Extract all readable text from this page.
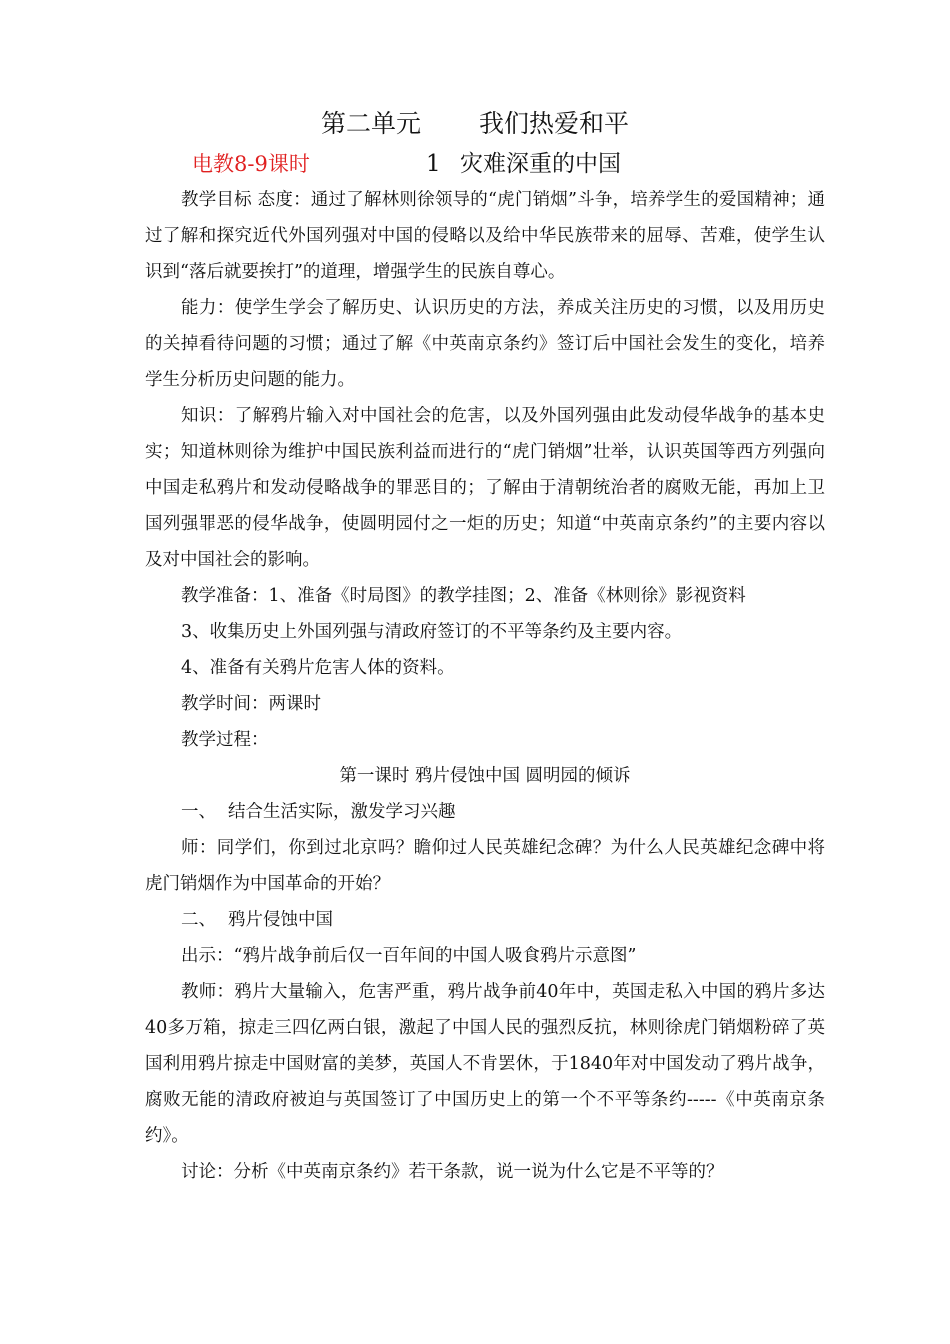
第二单元 我们热爱和平
电教8-9课时	1 灾难深重的中国

教学目标 态度：通过了解林则徐领导的“虎门销烟”斗争，培养学生的爱国精神；通过了解和探究近代外国列强对中国的侵略以及给中华民族带来的屈辱、苦难，使学生认识到“落后就要挨打”的道理，增强学生的民族自尊心。

能力：使学生学会了解历史、认识历史的方法，养成关注历史的习惯，以及用历史的关掉看待问题的习惯；通过了解《中英南京条约》签订后中国社会发生的变化，培养学生分析历史问题的能力。

知识：了解鸦片输入对中国社会的危害，以及外国列强由此发动侵华战争的基本史实；知道林则徐为维护中国民族利益而进行的“虎门销烟”壮举，认识英国等西方列强向中国走私鸦片和发动侵略战争的罪恶目的；了解由于清朝统治者的腐败无能，再加上卫国列强罪恶的侵华战争，使圆明园付之一炬的历史；知道“中英南京条约”的主要内容以及对中国社会的影响。

教学准备：1、准备《时局图》的教学挂图；2、准备《林则徐》影视资料

3、收集历史上外国列强与清政府签订的不平等条约及主要内容。

4、准备有关鸦片危害人体的资料。

教学时间：两课时

教学过程：

第一课时 鸦片侵蚀中国 圆明园的倾诉

一、 结合生活实际，激发学习兴趣

师：同学们，你到过北京吗？瞻仰过人民英雄纪念碑？为什么人民英雄纪念碑中将虎门销烟作为中国革命的开始？

二、 鸦片侵蚀中国

出示：“鸦片战争前后仅一百年间的中国人吸食鸦片示意图”

教师：鸦片大量输入，危害严重，鸦片战争前40年中，英国走私入中国的鸦片多达40多万箱，掠走三四亿两白银，激起了中国人民的强烈反抗，林则徐虎门销烟粉碎了英国利用鸦片掠走中国财富的美梦，英国人不肯罢休，于1840年对中国发动了鸦片战争，腐败无能的清政府被迫与英国签订了中国历史上的第一个不平等条约-----《中英南京条约》。

讨论：分析《中英南京条约》若干条款，说一说为什么它是不平等的？
